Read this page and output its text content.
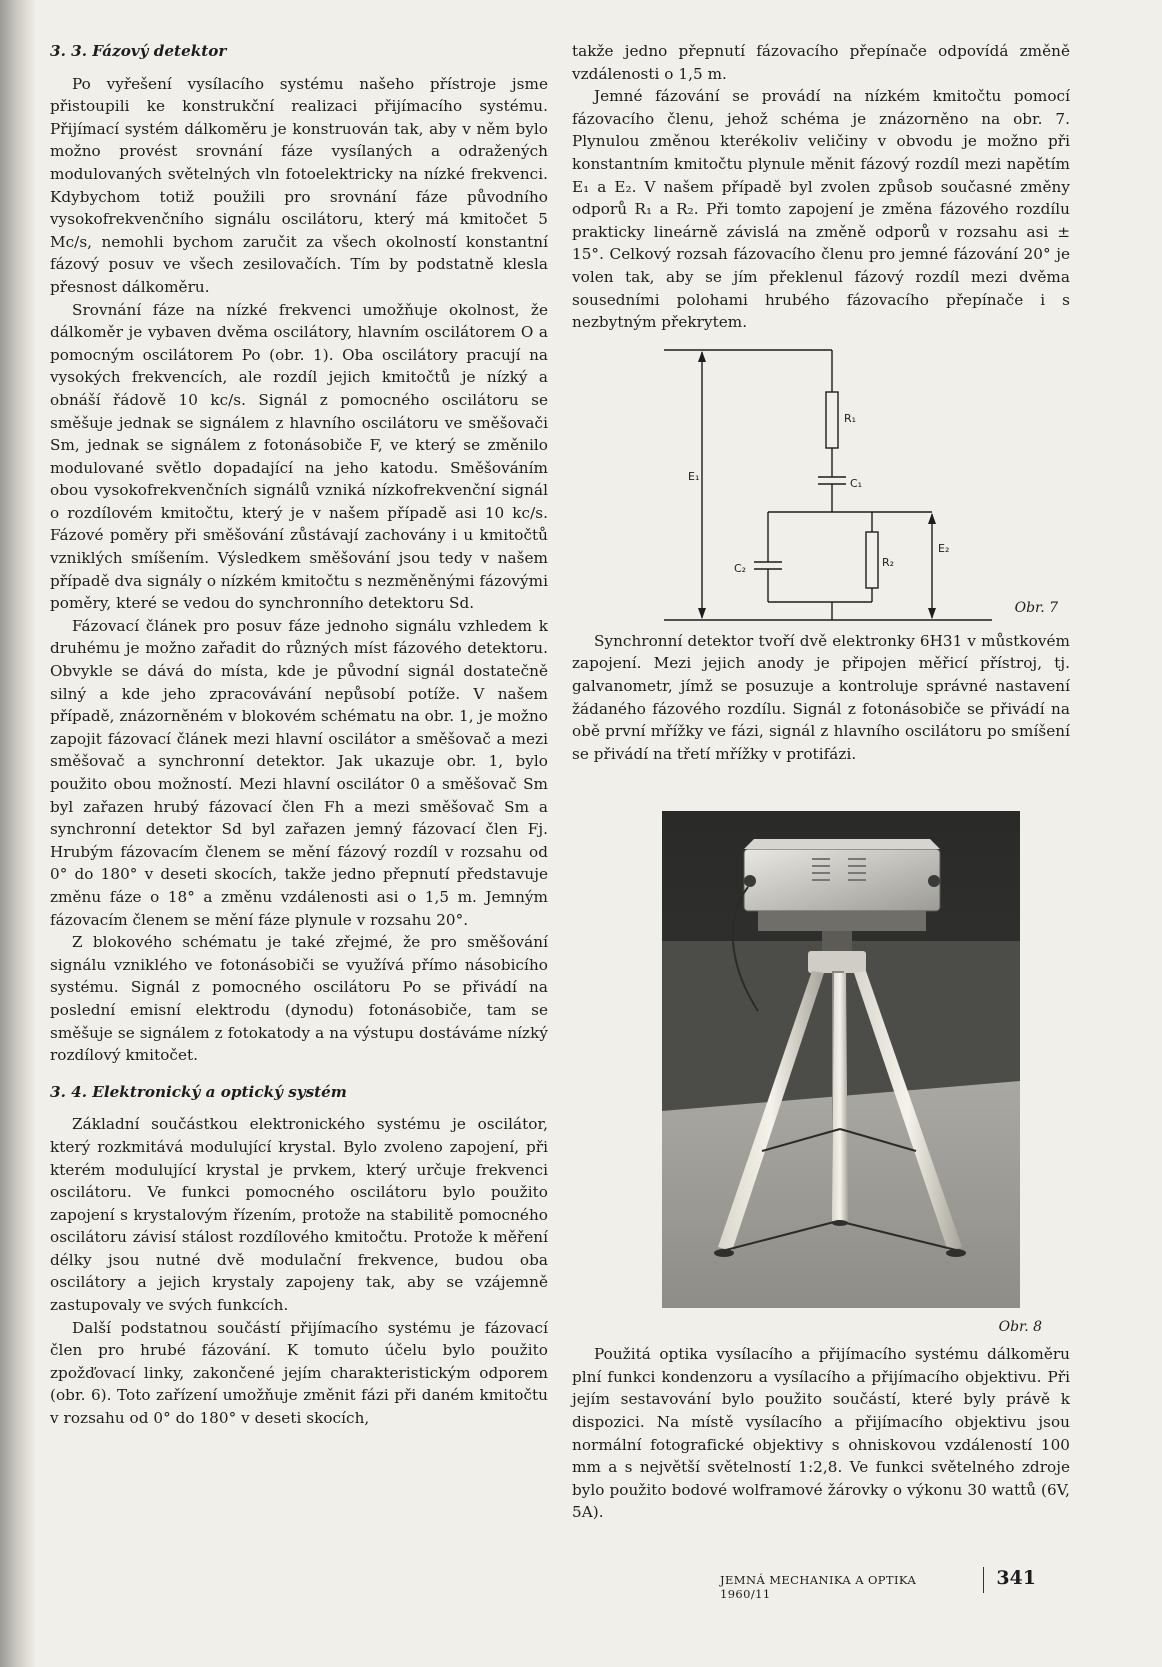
3. 3. Fázový detektor

Po vyřešení vysílacího systému našeho přístroje jsme přistoupili ke konstrukční realizaci přijímacího systému. Přijímací systém dálkoměru je konstruován tak, aby v něm bylo možno provést srovnání fáze vysílaných a odražených modulovaných světelných vln fotoelektricky na nízké frekvenci. Kdybychom totiž použili pro srovnání fáze původního vysokofrekvenčního signálu oscilátoru, který má kmitočet 5 Mc/s, nemohli bychom zaručit za všech okolností konstantní fázový posuv ve všech zesilovačích. Tím by podstatně klesla přesnost dálkoměru.

Srovnání fáze na nízké frekvenci umožňuje okolnost, že dálkoměr je vybaven dvěma oscilátory, hlavním oscilátorem O a pomocným oscilátorem Po (obr. 1). Oba oscilátory pracují na vysokých frekvencích, ale rozdíl jejich kmitočtů je nízký a obnáší řádově 10 kc/s. Signál z pomocného oscilátoru se směšuje jednak se signálem z hlavního oscilátoru ve směšovači Sm, jednak se signálem z fotonásobiče F, ve který se změnilo modulované světlo dopadající na jeho katodu. Směšováním obou vysokofrekvenčních signálů vzniká nízkofrekvenční signál o rozdílovém kmitočtu, který je v našem případě asi 10 kc/s. Fázové poměry při směšování zůstávají zachovány i u kmitočtů vzniklých smíšením. Výsledkem směšování jsou tedy v našem případě dva signály o nízkém kmitočtu s nezměněnými fázovými poměry, které se vedou do synchronního detektoru Sd.

Fázovací článek pro posuv fáze jednoho signálu vzhledem k druhému je možno zařadit do různých míst fázového detektoru. Obvykle se dává do místa, kde je původní signál dostatečně silný a kde jeho zpracovávání nepůsobí potíže. V našem případě, znázorněném v blokovém schématu na obr. 1, je možno zapojit fázovací článek mezi hlavní oscilátor a směšovač a mezi směšovač a synchronní detektor. Jak ukazuje obr. 1, bylo použito obou možností. Mezi hlavní oscilátor 0 a směšovač Sm byl zařazen hrubý fázovací člen Fh a mezi směšovač Sm a synchronní detektor Sd byl zařazen jemný fázovací člen Fj. Hrubým fázovacím členem se mění fázový rozdíl v rozsahu od 0° do 180° v deseti skocích, takže jedno přepnutí představuje změnu fáze o 18° a změnu vzdálenosti asi o 1,5 m. Jemným fázovacím členem se mění fáze plynule v rozsahu 20°.

Z blokového schématu je také zřejmé, že pro směšování signálu vzniklého ve fotonásobiči se využívá přímo násobicího systému. Signál z pomocného oscilátoru Po se přivádí na poslední emisní elektrodu (dynodu) fotonásobiče, tam se směšuje se signálem z fotokatody a na výstupu dostáváme nízký rozdílový kmitočet.

3. 4. Elektronický a optický systém

Základní součástkou elektronického systému je oscilátor, který rozkmitává modulující krystal. Bylo zvoleno zapojení, při kterém modulující krystal je prvkem, který určuje frekvenci oscilátoru. Ve funkci pomocného oscilátoru bylo použito zapojení s krystalovým řízením, protože na stabilitě pomocného oscilátoru závisí stálost rozdílového kmitočtu. Protože k měření délky jsou nutné dvě modulační frekvence, budou oba oscilátory a jejich krystaly zapojeny tak, aby se vzájemně zastupovaly ve svých funkcích.

Další podstatnou součástí přijímacího systému je fázovací člen pro hrubé fázování. K tomuto účelu bylo použito zpožďovací linky, zakončené jejím charakteristickým odporem (obr. 6). Toto zařízení umožňuje změnit fázi při daném kmitočtu v rozsahu od 0° do 180° v deseti skocích,

takže jedno přepnutí fázovacího přepínače odpovídá změně vzdálenosti o 1,5 m.

Jemné fázování se provádí na nízkém kmitočtu pomocí fázovacího členu, jehož schéma je znázorněno na obr. 7. Plynulou změnou kterékoliv veličiny v obvodu je možno při konstantním kmitočtu plynule měnit fázový rozdíl mezi napětím E₁ a E₂. V našem případě byl zvolen způsob současné změny odporů R₁ a R₂. Při tomto zapojení je změna fázového rozdílu prakticky lineárně závislá na změně odporů v rozsahu asi ± 15°. Celkový rozsah fázovacího členu pro jemné fázování 20° je volen tak, aby se jím překlenul fázový rozdíl mezi dvěma sousedními polohami hrubého fázovacího přepínače i s nezbytným překrytem.

R₁
C₁
E₁
C₂	R₂
E₂
Obr. 7

Synchronní detektor tvoří dvě elektronky 6H31 v můstkovém zapojení. Mezi jejich anody je připojen měřicí přístroj, tj. galvanometr, jímž se posuzuje a kontroluje správné nastavení žádaného fázového rozdílu. Signál z fotonásobiče se přivádí na obě první mřížky ve fázi, signál z hlavního oscilátoru po smíšení se přivádí na třetí mřížky v protifázi.

Obr. 8

Použitá optika vysílacího a přijímacího systému dálkoměru plní funkci kondenzoru a vysílacího a přijímacího objektivu. Při jejím sestavování bylo použito součástí, které byly právě k dispozici. Na místě vysílacího a přijímacího objektivu jsou normální fotografické objektivy s ohniskovou vzdáleností 100 mm a s největší světelností 1:2,8. Ve funkci světelného zdroje bylo použito bodové wolframové žárovky o výkonu 30 wattů (6V, 5A).

JEMNÁ MECHANIKA A OPTIKA 1960/11
341
